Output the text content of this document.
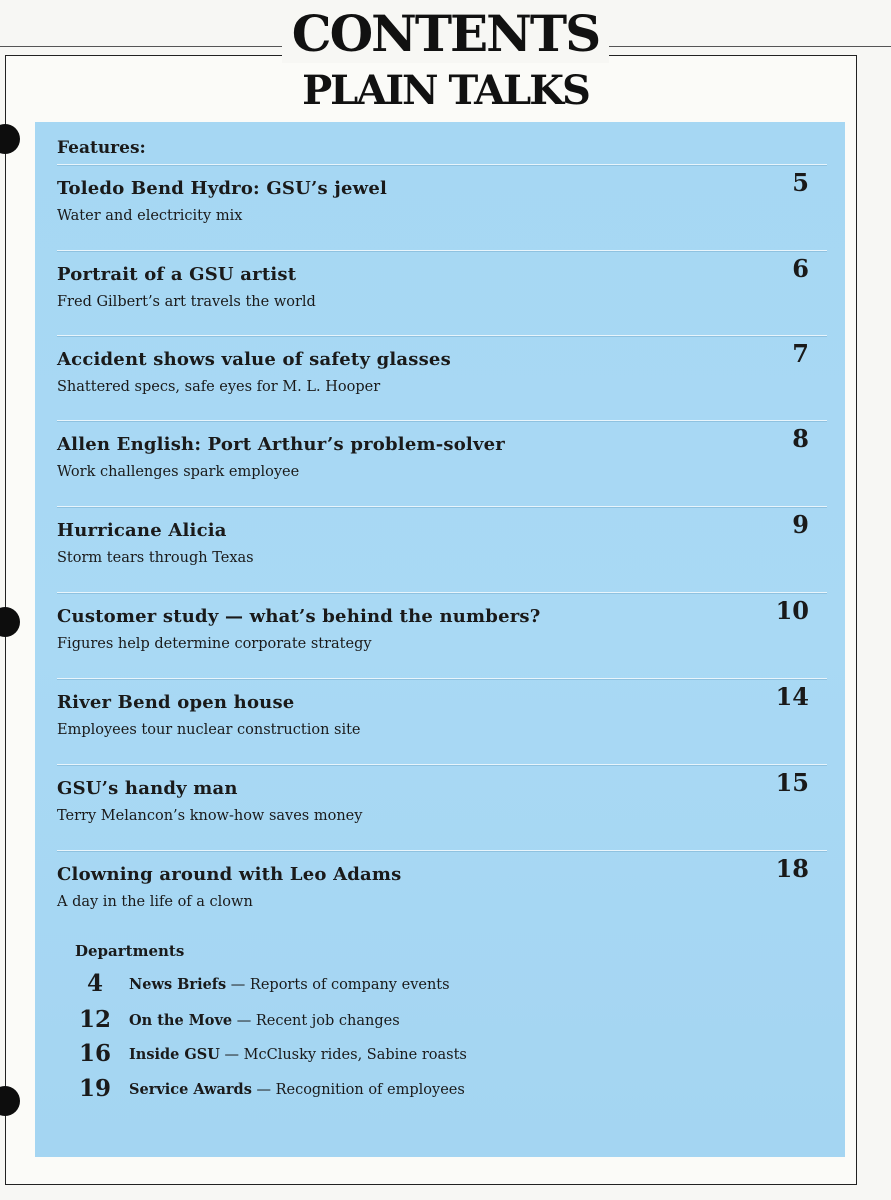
CONTENTS
PLAIN TALKS
Features:
Toledo Bend Hydro: GSU’s jewel
Water and electricity mix
5
Portrait of a GSU artist
Fred Gilbert’s art travels the world
6
Accident shows value of safety glasses
Shattered specs, safe eyes for M. L. Hooper
7
Allen English: Port Arthur’s problem-solver
Work challenges spark employee
8
Hurricane Alicia
Storm tears through Texas
9
Customer study — what’s behind the numbers?
Figures help determine corporate strategy
10
River Bend open house
Employees tour nuclear construction site
14
GSU’s handy man
Terry Melancon’s know-how saves money
15
Clowning around with Leo Adams
A day in the life of a clown
18
Departments
4	News Briefs — Reports of company events
12 On the Move — Recent job changes
16 Inside GSU — McClusky rides, Sabine roasts
19 Service Awards — Recognition of employees
